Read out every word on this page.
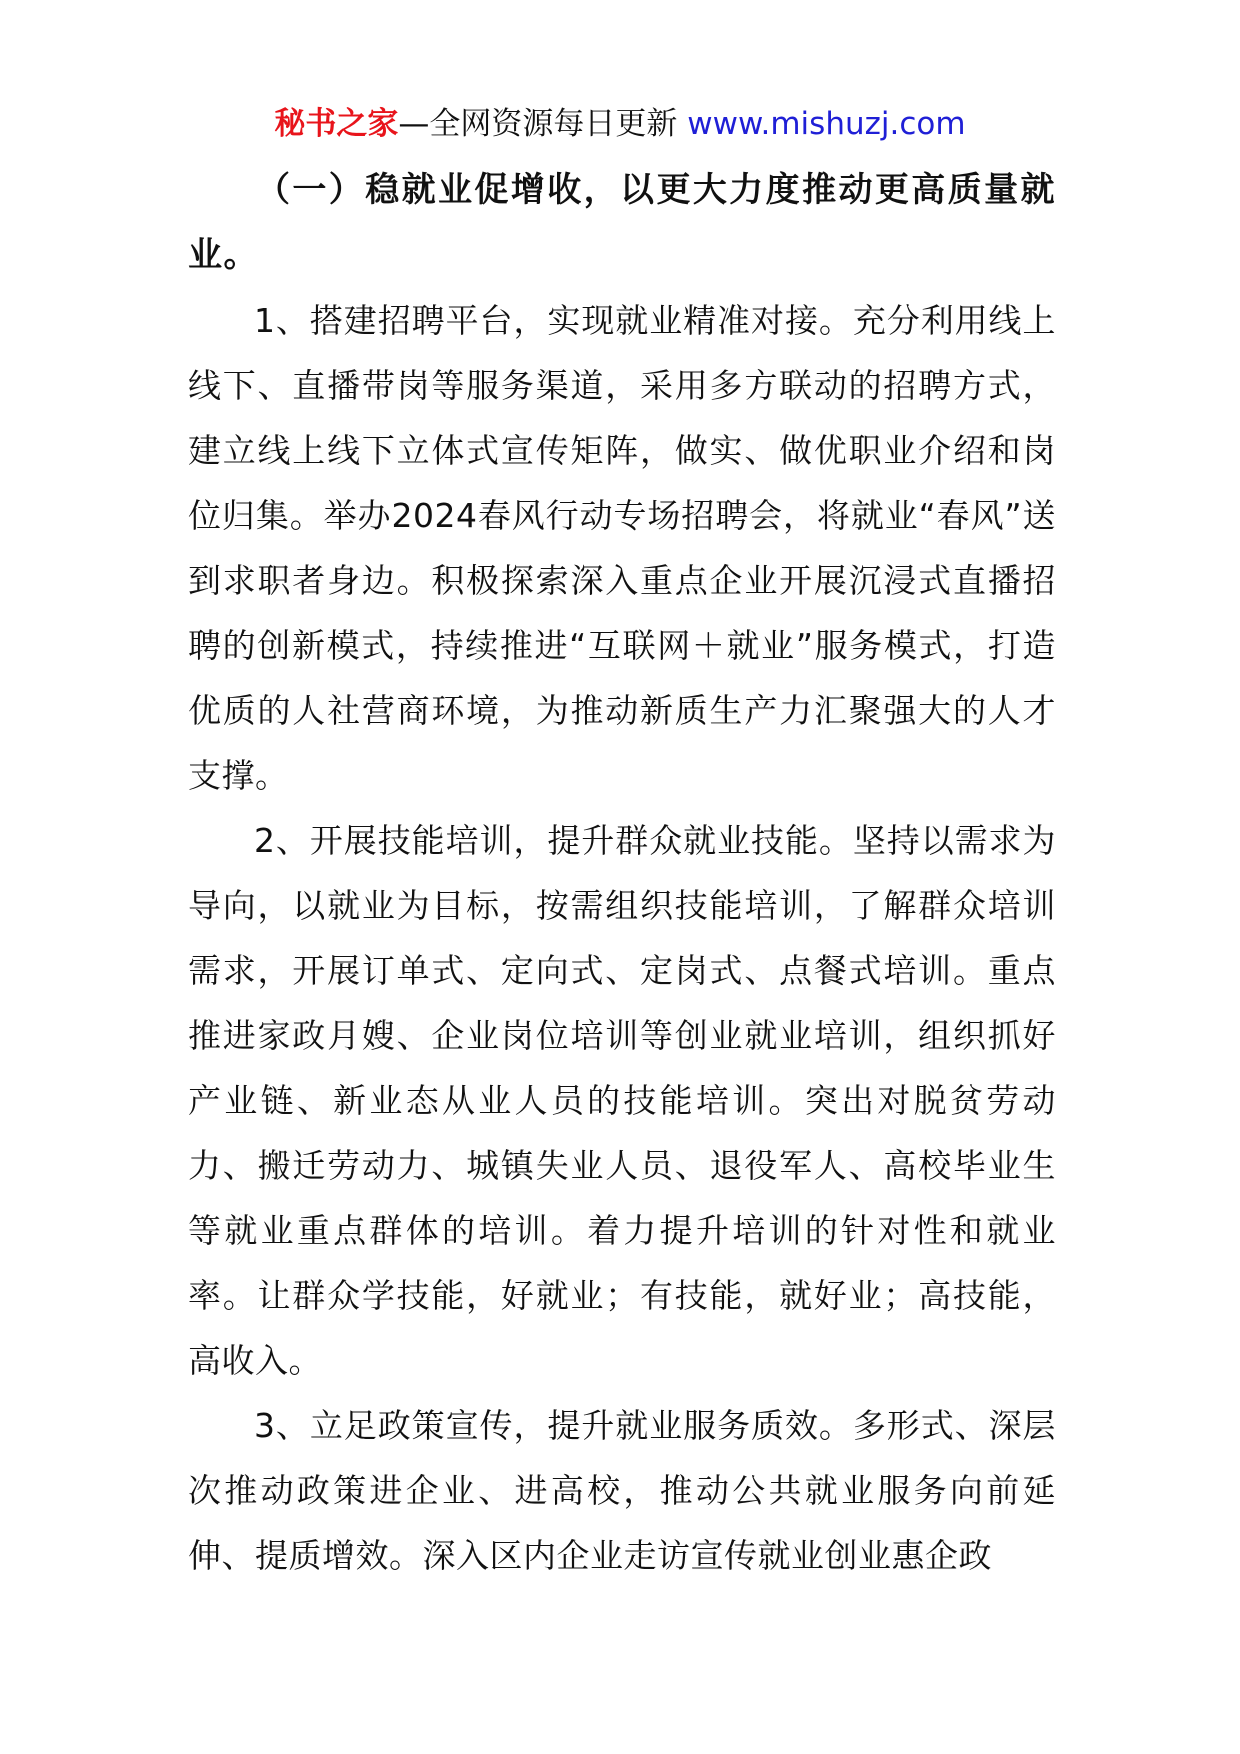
秘书之家—全网资源每日更新 www.mishuzj.com

（一）稳就业促增收，以更大力度推动更高质量就业。

1、搭建招聘平台，实现就业精准对接。充分利用线上线下、直播带岗等服务渠道，采用多方联动的招聘方式，建立线上线下立体式宣传矩阵，做实、做优职业介绍和岗位归集。举办2024春风行动专场招聘会，将就业“春风”送到求职者身边。积极探索深入重点企业开展沉浸式直播招聘的创新模式，持续推进“互联网＋就业”服务模式，打造优质的人社营商环境，为推动新质生产力汇聚强大的人才支撑。

2、开展技能培训，提升群众就业技能。坚持以需求为导向，以就业为目标，按需组织技能培训，了解群众培训需求，开展订单式、定向式、定岗式、点餐式培训。重点推进家政月嫂、企业岗位培训等创业就业培训，组织抓好产业链、新业态从业人员的技能培训。突出对脱贫劳动力、搬迁劳动力、城镇失业人员、退役军人、高校毕业生等就业重点群体的培训。着力提升培训的针对性和就业率。让群众学技能，好就业；有技能，就好业；高技能，高收入。

3、立足政策宣传，提升就业服务质效。多形式、深层次推动政策进企业、进高校，推动公共就业服务向前延伸、提质增效。深入区内企业走访宣传就业创业惠企政
